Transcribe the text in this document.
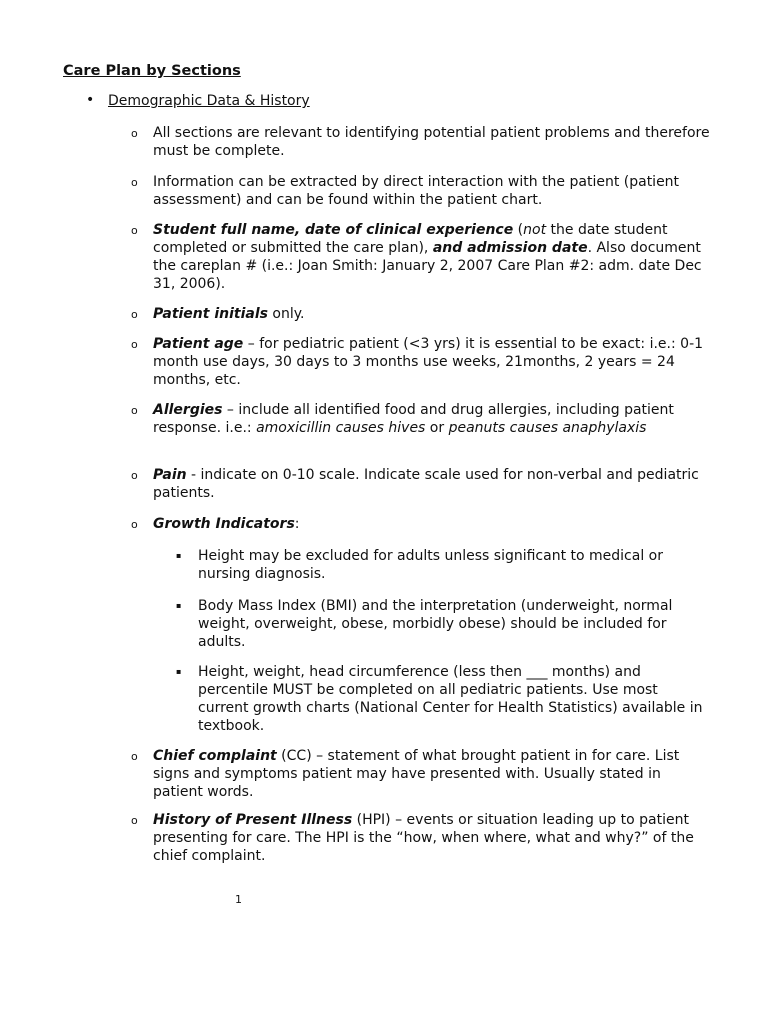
Care Plan by Sections
• Demographic Data & History

o All sections are relevant to identifying potential patient problems and therefore must be complete.

o Information can be extracted by direct interaction with the patient (patient assessment) and can be found within the patient chart.

o Student full name, date of clinical experience (not the date student completed or submitted the care plan), and admission date. Also document the careplan # (i.e.: Joan Smith: January 2, 2007 Care Plan #2: adm. date Dec 31, 2006).

o Patient initials only.

o Patient age – for pediatric patient (<3 yrs) it is essential to be exact: i.e.: 0-1 month use days, 30 days to 3 months use weeks, 21months, 2 years = 24 months, etc.

o Allergies – include all identified food and drug allergies, including patient response. i.e.: amoxicillin causes hives or peanuts causes anaphylaxis

o Pain - indicate on 0-10 scale. Indicate scale used for non-verbal and pediatric patients.

o Growth Indicators:

▪ Height may be excluded for adults unless significant to medical or nursing diagnosis.

▪ Body Mass Index (BMI) and the interpretation (underweight, normal weight, overweight, obese, morbidly obese) should be included for adults.

▪ Height, weight, head circumference (less then ___ months) and percentile MUST be completed on all pediatric patients. Use most current growth charts (National Center for Health Statistics) available in textbook.

o Chief complaint (CC) – statement of what brought patient in for care. List signs and symptoms patient may have presented with. Usually stated in patient words.

o History of Present Illness (HPI) – events or situation leading up to patient presenting for care. The HPI is the “how, when where, what and why?” of the chief complaint.

1
